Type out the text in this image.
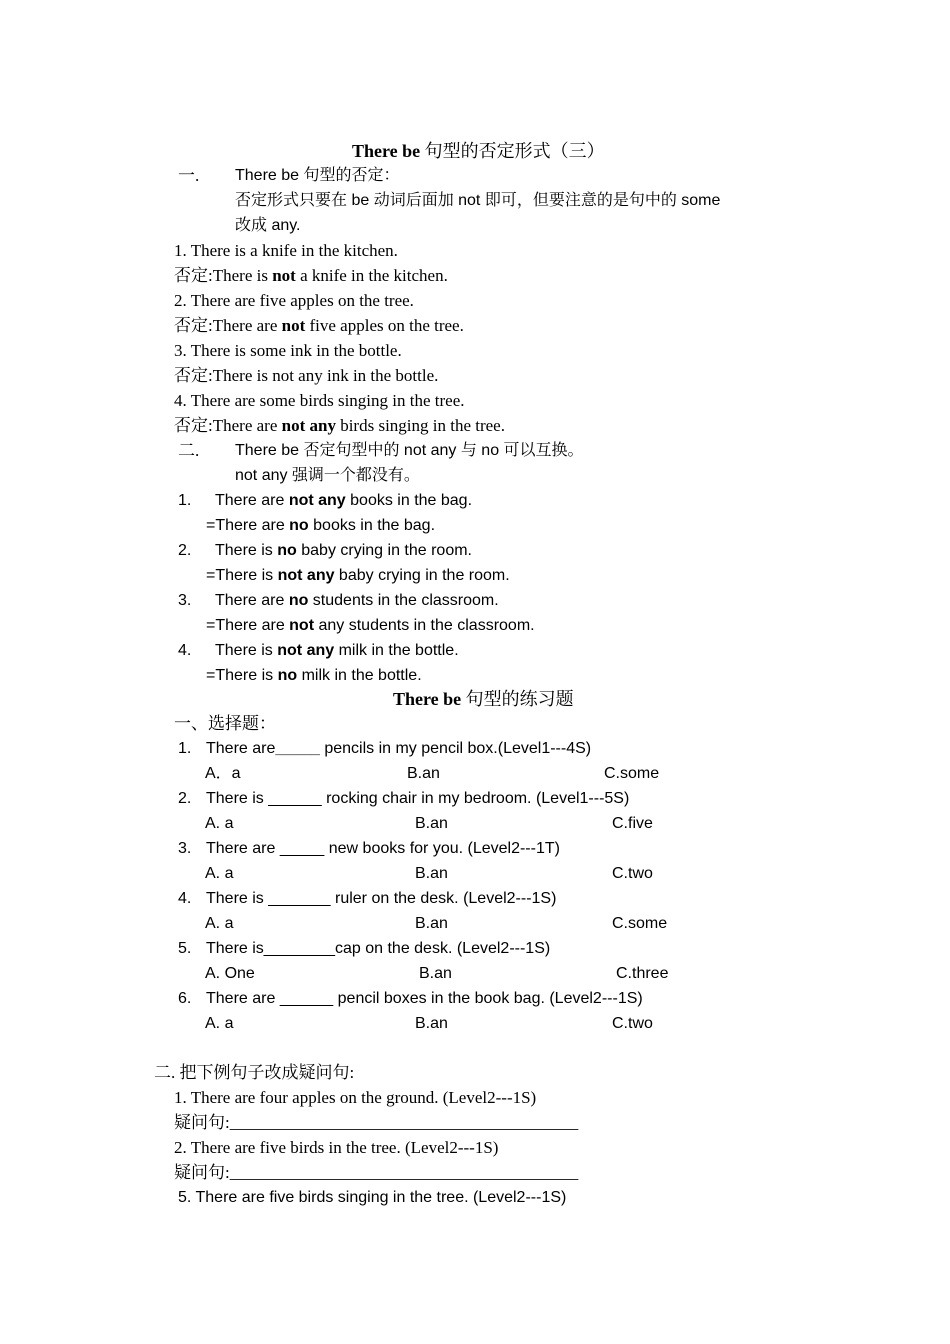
There be 句型的否定形式（三）
一. There be 句型的否定：
否定形式只要在 be 动词后面加 not 即可，但要注意的是句中的 some
改成 any.
1. There is a knife in the kitchen.
否定:There is not a knife in the kitchen.
2. There are five apples on the tree.
否定:There are not five apples on the tree.
3. There is some ink in the bottle.
否定:There is not any ink in the bottle.
4. There are some birds singing in the tree.
否定:There are not any birds singing in the tree.
二. There be 否定句型中的 not any 与 no 可以互换。
not any 强调一个都没有。
1. There are not any books in the bag.
=There are no books in the bag.
2. There is no baby crying in the room.
=There is not any baby crying in the room.
3. There are no students in the classroom.
=There are not any students in the classroom.
4. There is not any milk in the bottle.
=There is no milk in the bottle.
There be 句型的练习题
一、选择题：
1. There are_____ pencils in my pencil box.(Level1---4S)
A．a	B.an	C.some
2. There is ______ rocking chair in my bedroom. (Level1---5S)
A. a	B.an	C.five
3. There are _____ new books for you. (Level2---1T)
A. a	B.an	C.two
4. There is _______ ruler on the desk. (Level2---1S)
A. a	B.an	C.some
5. There is________cap on the desk. (Level2---1S)
A. One	B.an	C.three
6. There are ______ pencil boxes in the book bag. (Level2---1S)
A. a	B.an	C.two
二. 把下例句子改成疑问句:
1. There are four apples on the ground. (Level2---1S)
疑问句:_________________________________________
2. There are five birds in the tree. (Level2---1S)
疑问句:_________________________________________
5. There are five birds singing in the tree. (Level2---1S)
